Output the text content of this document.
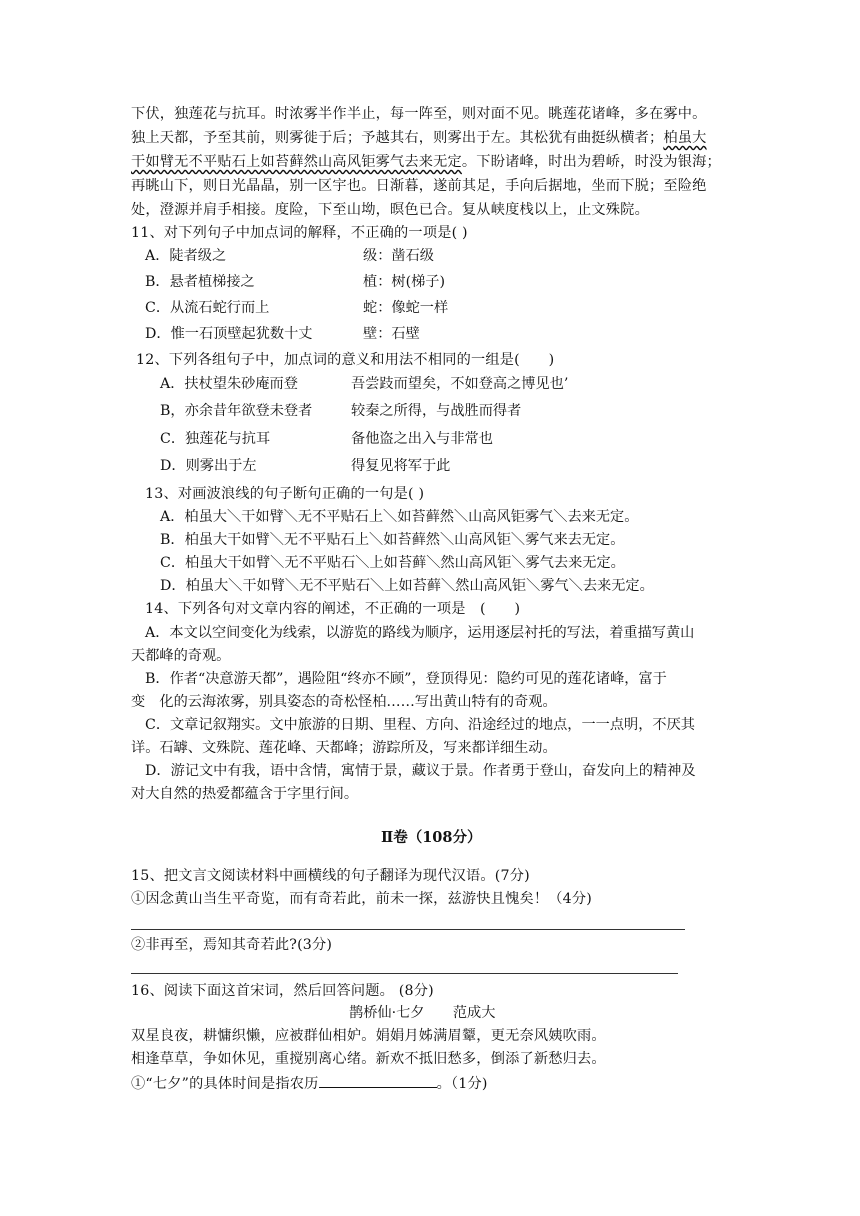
下伏，独莲花与抗耳。时浓雾半作半止，每一阵至，则对面不见。眺莲花诸峰，多在雾中。
独上天都，予至其前，则雾徙于后；予越其右，则雾出于左。其松犹有曲挺纵横者；柏虽大
干如臂无不平贴石上如苔藓然山高风钜雾气去来无定。下盼诸峰，时出为碧峤，时没为银海；
再眺山下，则日光晶晶，别一区宇也。日渐暮，遂前其足，手向后据地，坐而下脱；至险绝
处，澄源并肩手相接。度险，下至山坳，暝色已合。复从峡度栈以上，止文殊院。
11、对下列句子中加点词的解释，不正确的一项是( )
A．陡者级之	级：凿石级
B．悬者植梯接之	植：树(梯子)
C．从流石蛇行而上	蛇：像蛇一样
D．惟一石顶壁起犹数十丈	壁：石壁
12、下列各组句子中，加点词的意义和用法不相同的一组是(　　)
A．扶杖望朱砂庵而登	吾尝跂而望矣，不如登高之博见也’
B，亦余昔年欲登未登者	较秦之所得，与战胜而得者
C．独莲花与抗耳	备他盗之出入与非常也
D．则雾出于左	得复见将军于此
13、对画波浪线的句子断句正确的一句是( )
A．柏虽大＼干如臂＼无不平贴石上＼如苔藓然＼山高风钜雾气＼去来无定。
B．柏虽大干如臂＼无不平贴石上＼如苔藓然＼山高风钜＼雾气来去无定。
C．柏虽大干如臂＼无不平贴石＼上如苔藓＼然山高风钜＼雾气去来无定。
D．柏虽大＼干如臂＼无不平贴石＼上如苔藓＼然山高风钜＼雾气＼去来无定。
14、下列各句对文章内容的阐述，不正确的一项是　(　　)
A．本文以空间变化为线索，以游览的路线为顺序，运用逐层衬托的写法，着重描写黄山
天都峰的奇观。
B．作者“决意游天都”，遇险阻“终亦不顾”，登顶得见：隐约可见的莲花诸峰，富于
变　化的云海浓雾，别具姿态的奇松怪柏……写出黄山特有的奇观。
C．文章记叙翔实。文中旅游的日期、里程、方向、沿途经过的地点，一一点明，不厌其
详。石罅、文殊院、莲花峰、天都峰；游踪所及，写来都详细生动。
D．游记文中有我，语中含情，寓情于景，藏议于景。作者勇于登山，奋发向上的精神及
对大自然的热爱都蕴含于字里行间。
Ⅱ卷（108分）
15、把文言文阅读材料中画横线的句子翻译为现代汉语。(7分)
①因念黄山当生平奇览，而有奇若此，前未一探，兹游快且愧矣！（4分)
②非再至，焉知其奇若此?(3分)
16、阅读下面这首宋词，然后回答问题。 (8分)
鹊桥仙·七夕　　范成大
双星良夜，耕慵织懒，应被群仙相妒。娟娟月姊满眉颦，更无奈风姨吹雨。
相逢草草，争如休见，重搅别离心绪。新欢不抵旧愁多，倒添了新愁归去。
①“七夕”的具体时间是指农历	。（1分)
